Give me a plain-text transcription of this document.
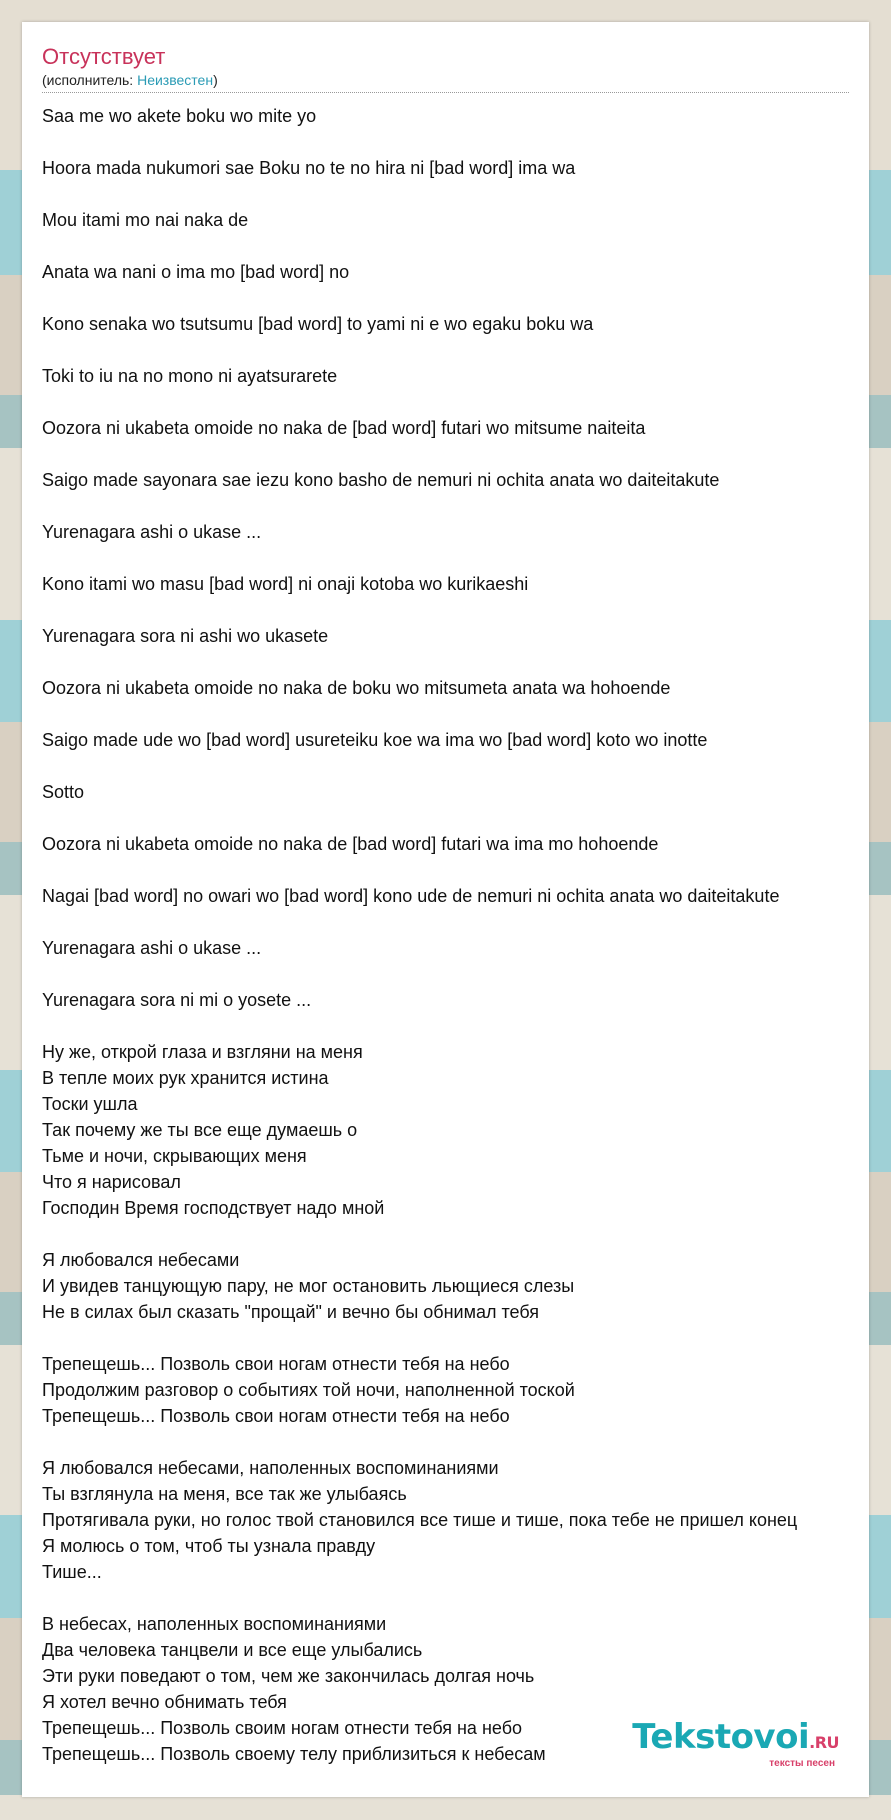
Отсутствует
(исполнитель: Неизвестен)
Saa me wo akete boku wo mite yo
Hoora mada nukumori sae Boku no te no hira ni [bad word] ima wa
Mou itami mo nai naka de
Anata wa nani o ima mo [bad word] no
Kono senaka wo tsutsumu [bad word] to yami ni e wo egaku boku wa
Toki to iu na no mono ni ayatsurarete
Oozora ni ukabeta omoide no naka de [bad word] futari wo mitsume naiteita
Saigo made sayonara sae iezu kono basho de nemuri ni ochita anata wo daiteitakute
Yurenagara ashi o ukase ...
Kono itami wo masu [bad word] ni onaji kotoba wo kurikaeshi
Yurenagara sora ni ashi wo ukasete
Oozora ni ukabeta omoide no naka de boku wo mitsumeta anata wa hohoende
Saigo made ude wo [bad word] usureteiku koe wa ima wo [bad word] koto wo inotte
Sotto
Oozora ni ukabeta omoide no naka de [bad word] futari wa ima mo hohoende
Nagai [bad word] no owari wo [bad word] kono ude de nemuri ni ochita anata wo daiteitakute
Yurenagara ashi o ukase ...
Yurenagara sora ni mi o yosete ...
Ну же, открой глаза и взгляни на меня
В тепле моих рук хранится истина
Тоски ушла
Так почему же ты все еще думаешь о
Тьме и ночи, скрывающих меня
Что я нарисовал
Господин Время господствует надо мной
Я любовался небесами
И увидев танцующую пару, не мог остановить льющиеся слезы
Не в силах был сказать "прощай" и вечно бы обнимал тебя
Трепещешь... Позволь свои ногам отнести тебя на небо
Продолжим разговор о событиях той ночи, наполненной тоской
Трепещешь... Позволь свои ногам отнести тебя на небо
Я любовался небесами, наполенных воспоминаниями
Ты взглянула на меня, все так же улыбаясь
Протягивала руки, но голос твой становился все тише и тише, пока тебе не пришел конец
Я молюсь о том, чтоб ты узнала правду
Тише...
В небесах, наполенных воспоминаниями
Два человека танцвели и все еще улыбались
Эти руки поведают о том, чем же закончилась долгая ночь
Я хотел вечно обнимать тебя
Трепещешь... Позволь своим ногам отнести тебя на небо
Трепещешь... Позволь своему телу приблизиться к небесам	Tekstovoi.RU
тексты песен
